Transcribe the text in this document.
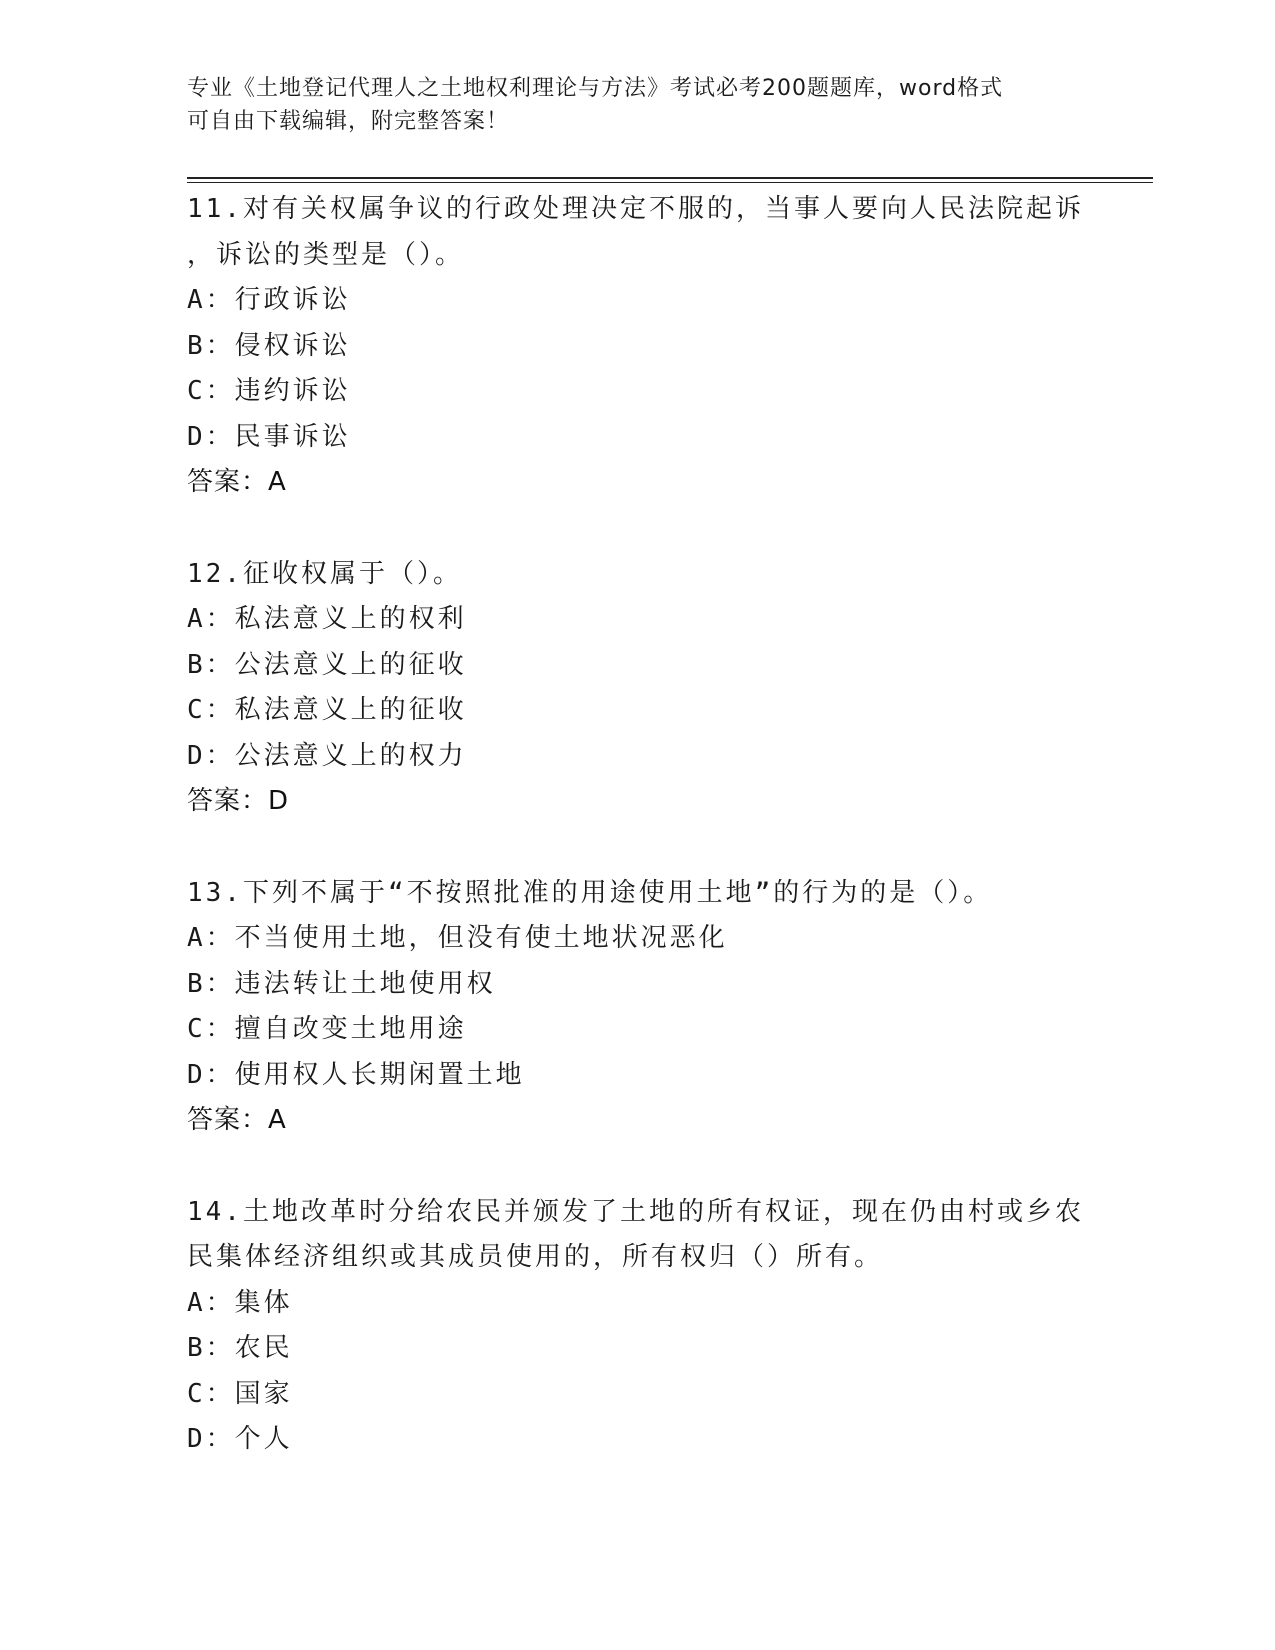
专业《土地登记代理人之土地权利理论与方法》考试必考200题题库，word格式
可自由下载编辑，附完整答案！
11.对有关权属争议的行政处理决定不服的，当事人要向人民法院起诉
，诉讼的类型是（）。
A：行政诉讼
B：侵权诉讼
C：违约诉讼
D：民事诉讼
答案：A
12.征收权属于（）。
A：私法意义上的权利
B：公法意义上的征收
C：私法意义上的征收
D：公法意义上的权力
答案：D
13.下列不属于“不按照批准的用途使用土地”的行为的是（）。
A：不当使用土地，但没有使土地状况恶化
B：违法转让土地使用权
C：擅自改变土地用途
D：使用权人长期闲置土地
答案：A
14.土地改革时分给农民并颁发了土地的所有权证，现在仍由村或乡农
民集体经济组织或其成员使用的，所有权归（）所有。
A：集体
B：农民
C：国家
D：个人
